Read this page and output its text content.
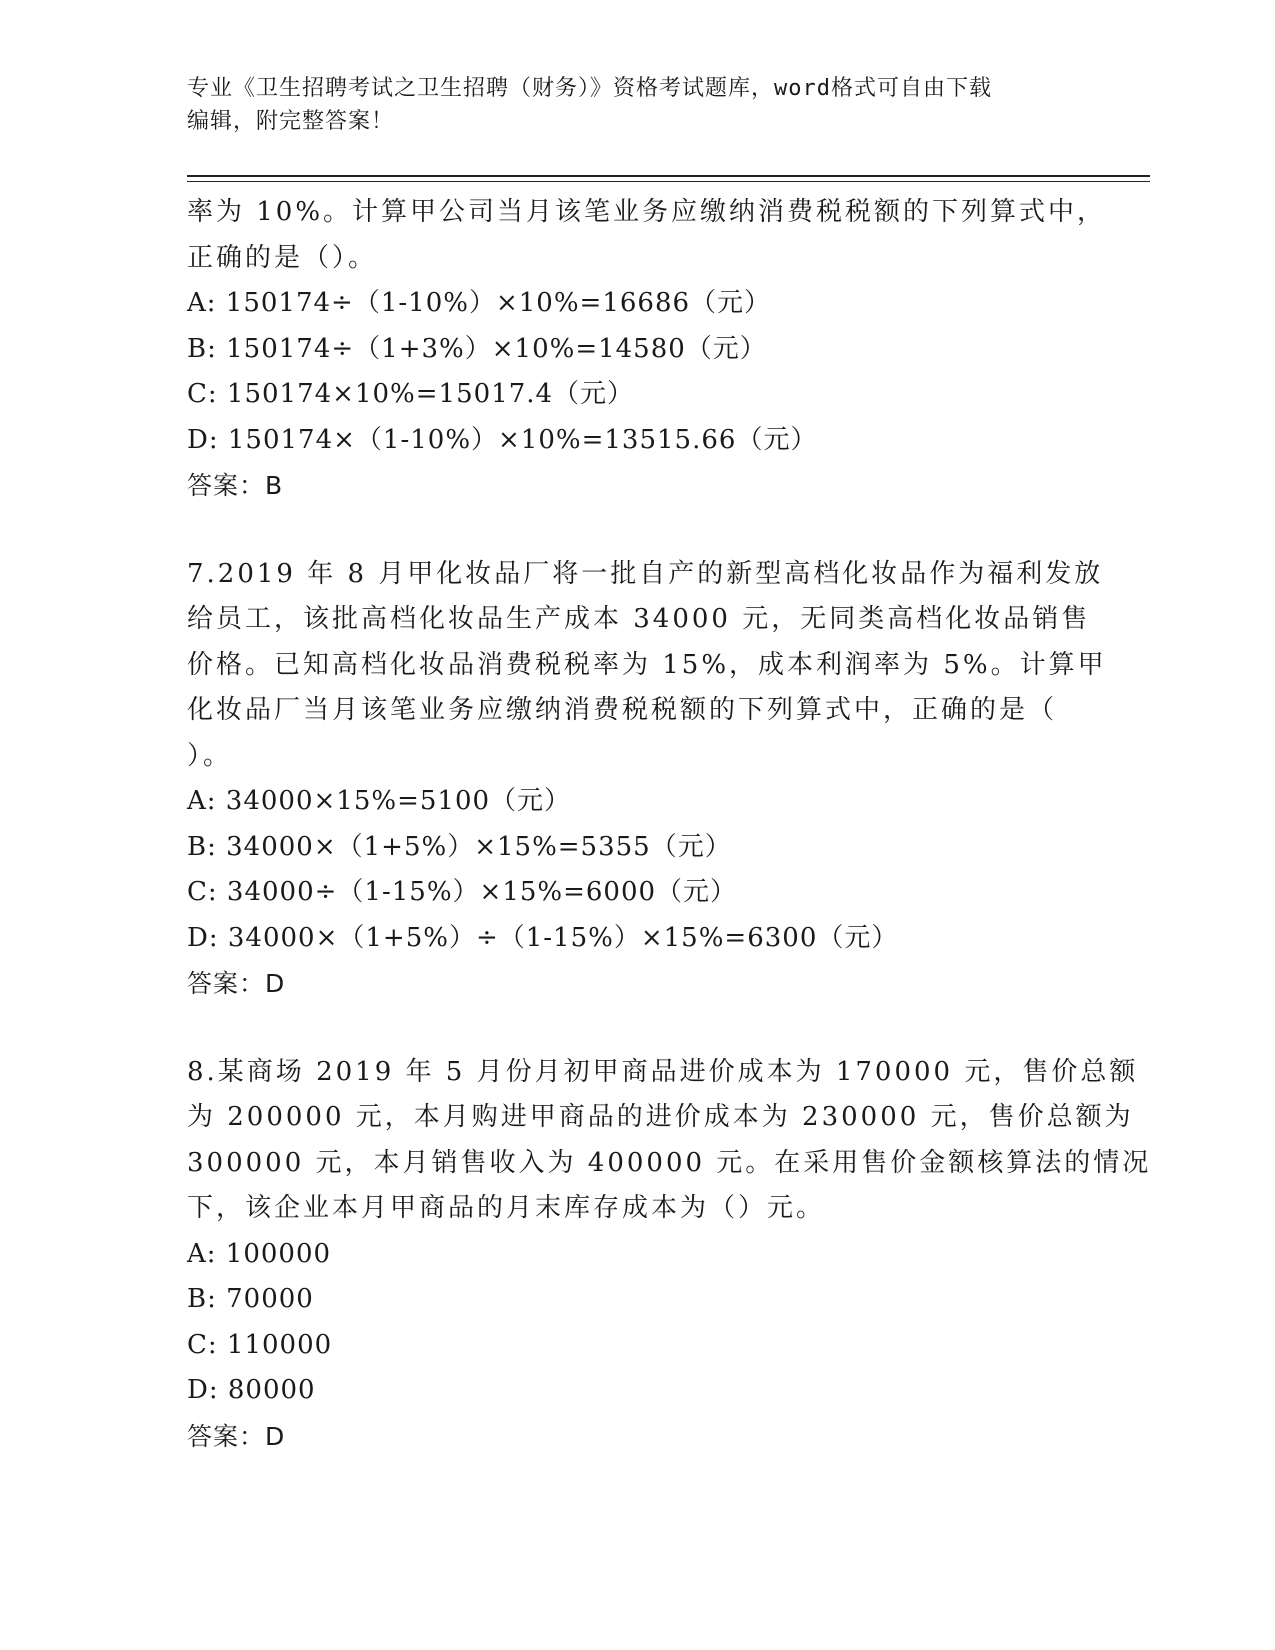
专业《卫生招聘考试之卫生招聘（财务）》资格考试题库，word格式可自由下载
编辑，附完整答案！

率为 10%。计算甲公司当月该笔业务应缴纳消费税税额的下列算式中，

正确的是（）。

A: 150174÷（1-10%）×10%=16686（元）

B: 150174÷（1+3%）×10%=14580（元）

C: 150174×10%=15017.4（元）

D: 150174×（1-10%）×10%=13515.66（元）

答案：B

7.2019 年 8 月甲化妆品厂将一批自产的新型高档化妆品作为福利发放

给员工，该批高档化妆品生产成本 34000 元，无同类高档化妆品销售

价格。已知高档化妆品消费税税率为 15%，成本利润率为 5%。计算甲

化妆品厂当月该笔业务应缴纳消费税税额的下列算式中，正确的是（

）。

A: 34000×15%=5100（元）

B: 34000×（1+5%）×15%=5355（元）

C: 34000÷（1-15%）×15%=6000（元）

D: 34000×（1+5%）÷（1-15%）×15%=6300（元）

答案：D

8.某商场 2019 年 5 月份月初甲商品进价成本为 170000 元，售价总额

为 200000 元，本月购进甲商品的进价成本为 230000 元，售价总额为

300000 元，本月销售收入为 400000 元。在采用售价金额核算法的情况

下，该企业本月甲商品的月末库存成本为（）元。

A: 100000

B: 70000

C: 110000

D: 80000

答案：D
